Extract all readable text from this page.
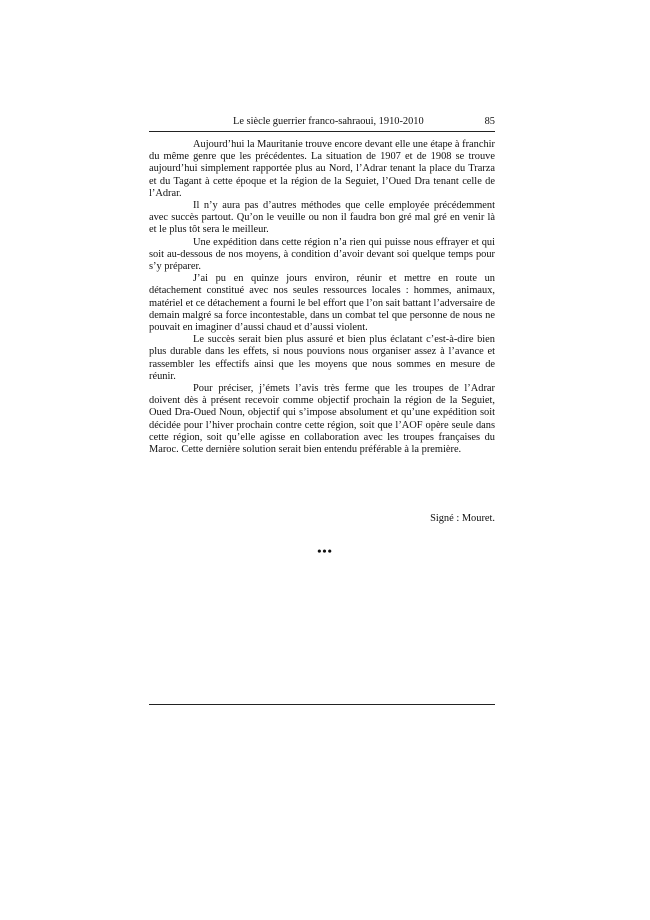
Le siècle guerrier franco-sahraoui, 1910-2010	85

Aujourd’hui la Mauritanie trouve encore devant elle une étape à franchir du même genre que les précédentes. La situation de 1907 et de 1908 se trouve aujourd’hui simplement rapportée plus au Nord, l’Adrar tenant la place du Trarza et du Tagant à cette époque et la région de la Seguiet, l’Oued Dra tenant celle de l’Adrar.

Il n’y aura pas d’autres méthodes que celle employée précédemment avec succès partout. Qu’on le veuille ou non il faudra bon gré mal gré en venir là et le plus tôt sera le meilleur.

Une expédition dans cette région n’a rien qui puisse nous effrayer et qui soit au-dessous de nos moyens, à condition d’avoir devant soi quelque temps pour s’y préparer.

J’ai pu en quinze jours environ, réunir et mettre en route un détachement constitué avec nos seules ressources locales : hommes, animaux, matériel et ce détachement a fourni le bel effort que l’on sait battant l’adversaire de demain malgré sa force incontestable, dans un combat tel que personne de nous ne pouvait en imaginer d’aussi chaud et d’aussi violent.

Le succès serait bien plus assuré et bien plus éclatant c’est-à-dire bien plus durable dans les effets, si nous pouvions nous organiser assez à l’avance et rassembler les effectifs ainsi que les moyens que nous sommes en mesure de réunir.

Pour préciser, j’émets l’avis très ferme que les troupes de l’Adrar doivent dès à présent recevoir comme objectif prochain la région de la Seguiet, Oued Dra-Oued Noun, objectif qui s’impose absolument et qu’une expédition soit décidée pour l’hiver prochain contre cette région, soit que l’AOF opère seule dans cette région, soit qu’elle agisse en collaboration avec les troupes françaises du Maroc. Cette dernière solution serait bien entendu préférable à la première.

Signé : Mouret.
•••
